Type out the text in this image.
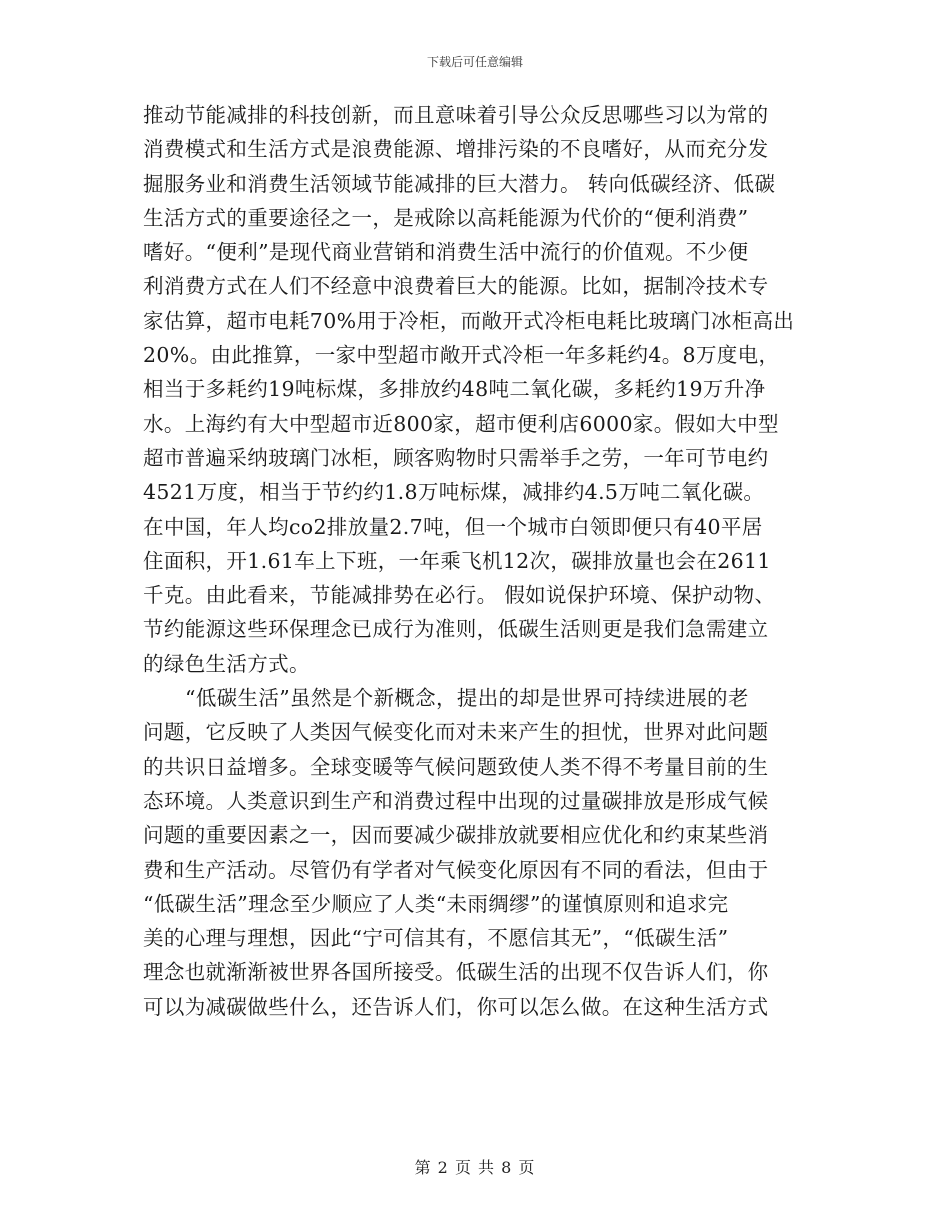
下载后可任意编辑
推动节能减排的科技创新，而且意味着引导公众反思哪些习以为常的
消费模式和生活方式是浪费能源、增排污染的不良嗜好，从而充分发
掘服务业和消费生活领域节能减排的巨大潜力。 转向低碳经济、低碳
生活方式的重要途径之一，是戒除以高耗能源为代价的“便利消费”
嗜好。“便利”是现代商业营销和消费生活中流行的价值观。不少便
利消费方式在人们不经意中浪费着巨大的能源。比如，据制冷技术专
家估算，超市电耗70%用于冷柜，而敞开式冷柜电耗比玻璃门冰柜高出
20%。由此推算，一家中型超市敞开式冷柜一年多耗约4。8万度电，
相当于多耗约19吨标煤，多排放约48吨二氧化碳，多耗约19万升净
水。上海约有大中型超市近800家，超市便利店6000家。假如大中型
超市普遍采纳玻璃门冰柜，顾客购物时只需举手之劳，一年可节电约
4521万度，相当于节约约1.8万吨标煤，减排约4.5万吨二氧化碳。
在中国，年人均co2排放量2.7吨，但一个城市白领即便只有40平居
住面积，开1.61车上下班，一年乘飞机12次，碳排放量也会在2611
千克。由此看来，节能减排势在必行。 假如说保护环境、保护动物、
节约能源这些环保理念已成行为准则，低碳生活则更是我们急需建立
的绿色生活方式。
“低碳生活”虽然是个新概念，提出的却是世界可持续进展的老
问题，它反映了人类因气候变化而对未来产生的担忧，世界对此问题
的共识日益增多。全球变暖等气候问题致使人类不得不考量目前的生
态环境。人类意识到生产和消费过程中出现的过量碳排放是形成气候
问题的重要因素之一，因而要减少碳排放就要相应优化和约束某些消
费和生产活动。尽管仍有学者对气候变化原因有不同的看法，但由于
“低碳生活”理念至少顺应了人类“未雨绸缪”的谨慎原则和追求完
美的心理与理想，因此“宁可信其有，不愿信其无”，“低碳生活”
理念也就渐渐被世界各国所接受。低碳生活的出现不仅告诉人们，你
可以为减碳做些什么，还告诉人们，你可以怎么做。在这种生活方式
第 2 页 共 8 页
